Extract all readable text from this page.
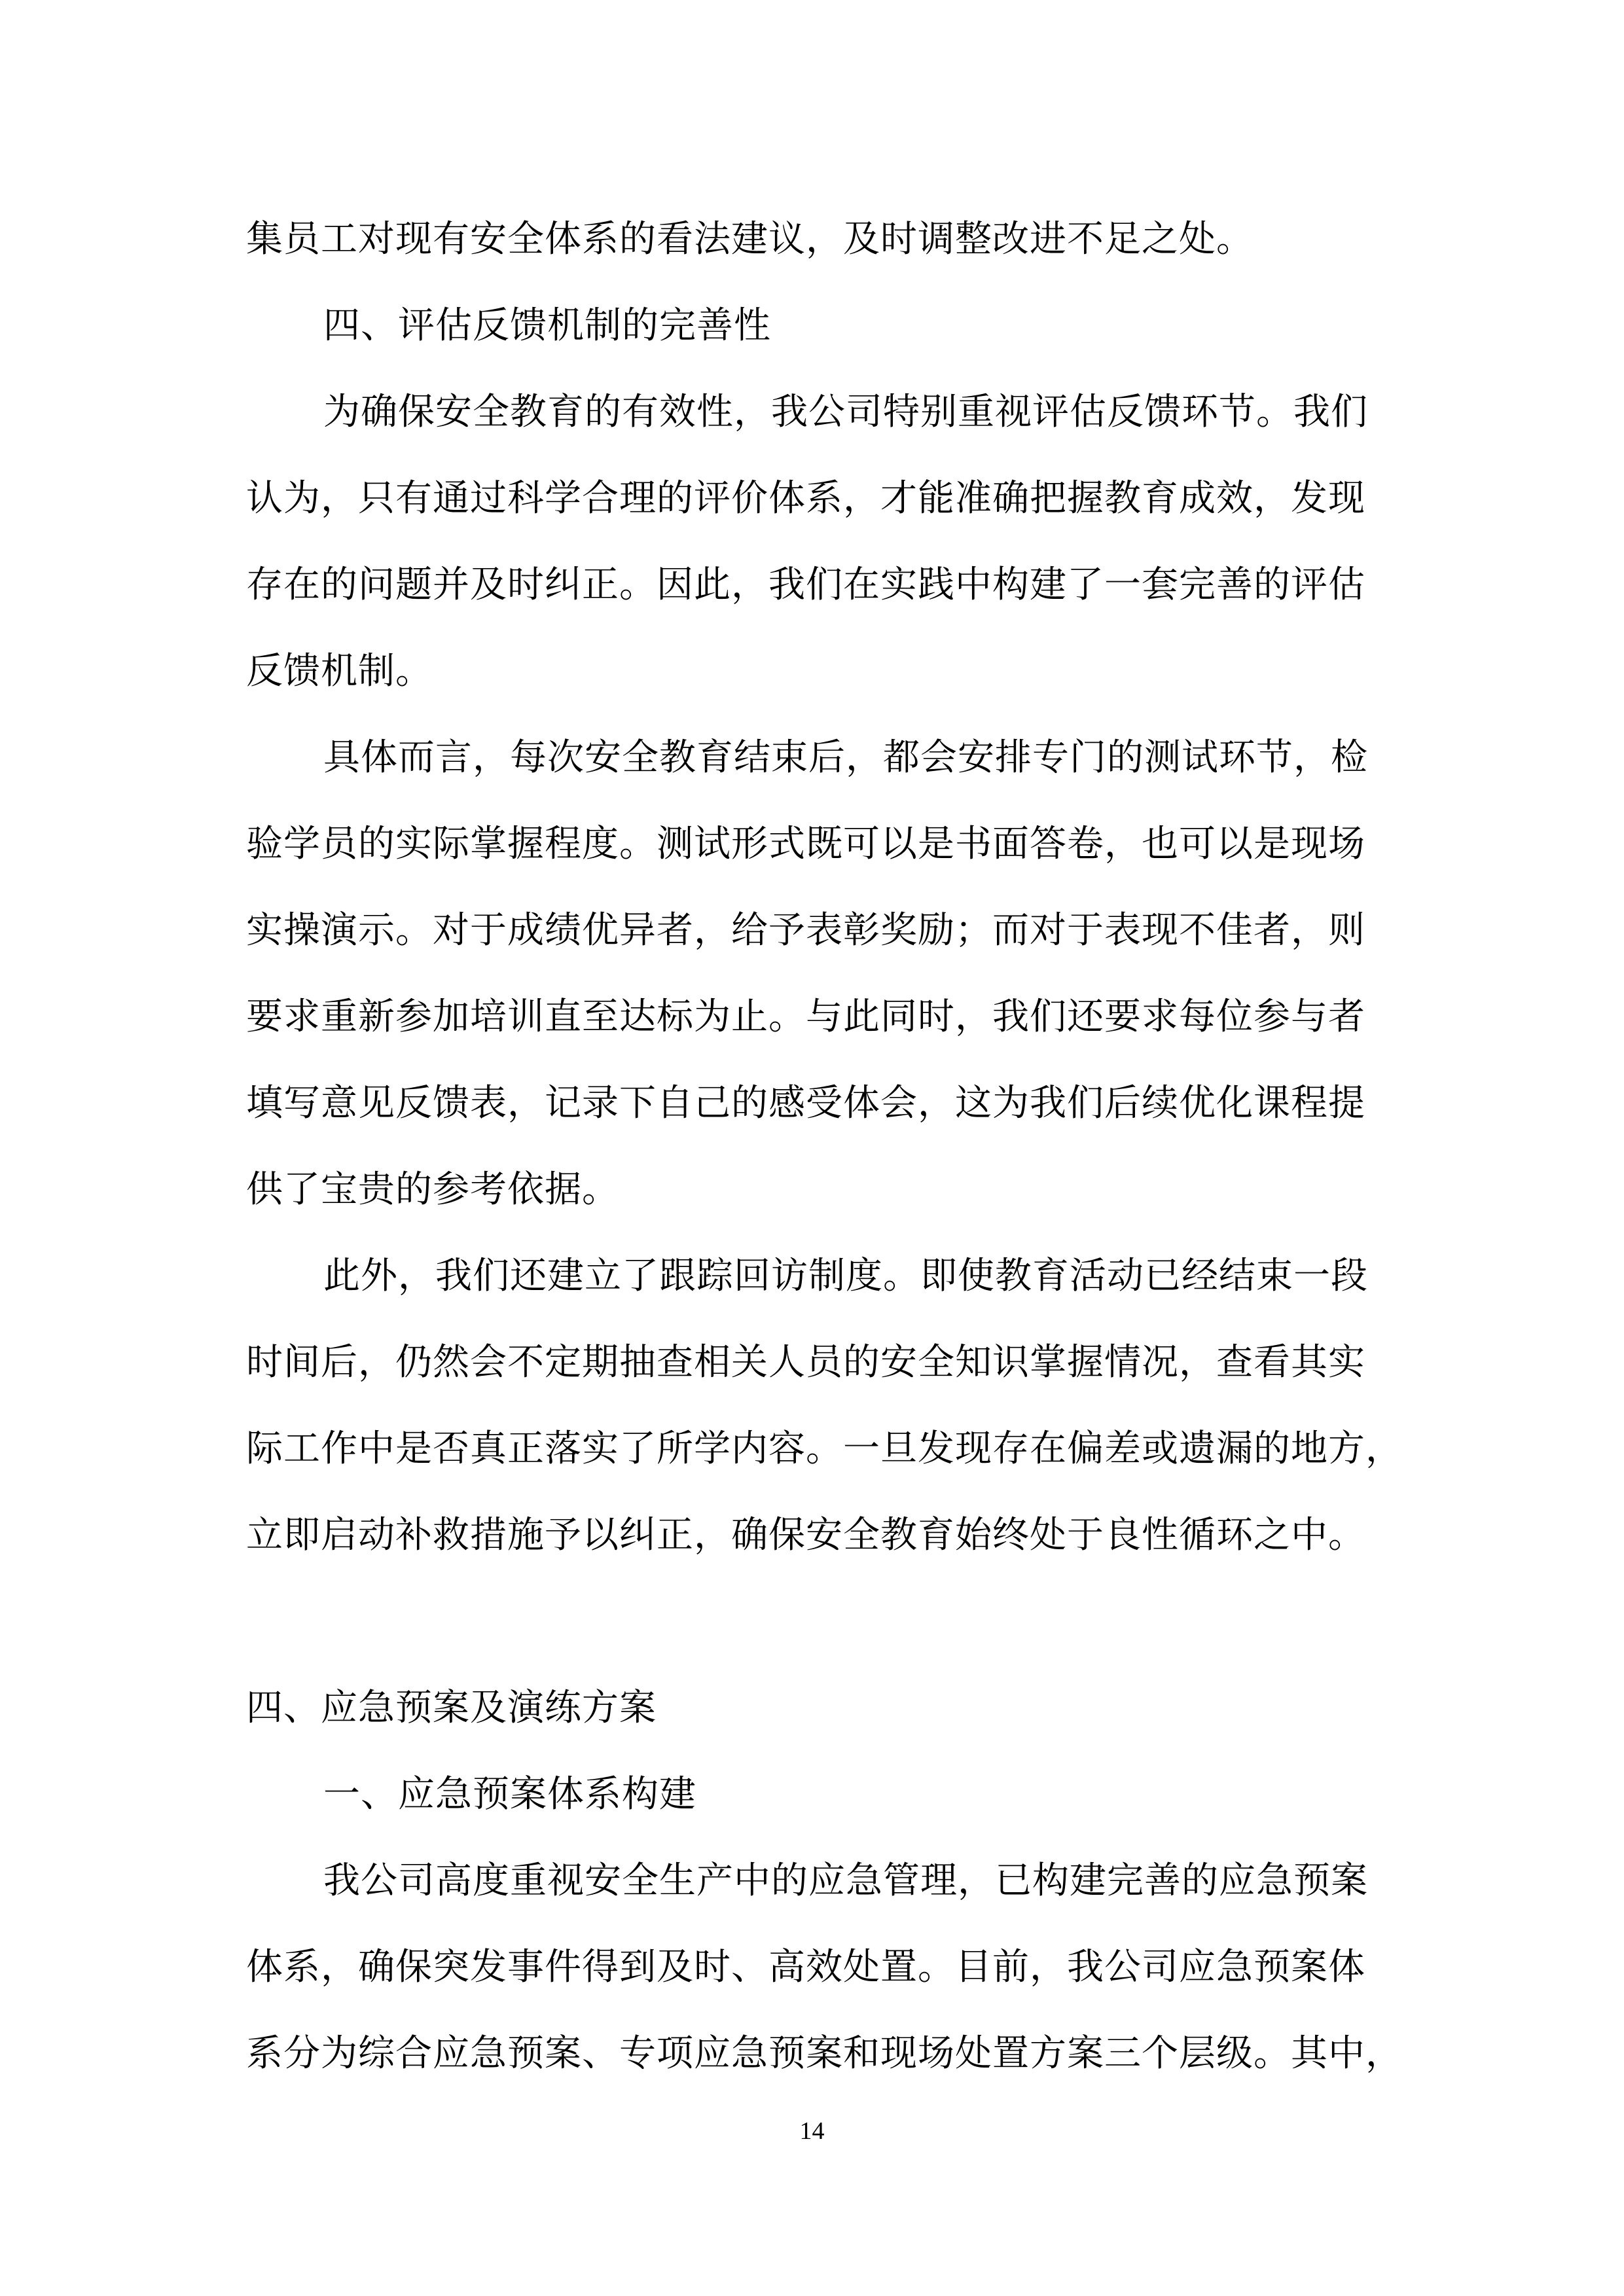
集员工对现有安全体系的看法建议，及时调整改进不足之处。
四、评估反馈机制的完善性
为确保安全教育的有效性，我公司特别重视评估反馈环节。我们
认为，只有通过科学合理的评价体系，才能准确把握教育成效，发现
存在的问题并及时纠正。因此，我们在实践中构建了一套完善的评估
反馈机制。
具体而言，每次安全教育结束后，都会安排专门的测试环节，检
验学员的实际掌握程度。测试形式既可以是书面答卷，也可以是现场
实操演示。对于成绩优异者，给予表彰奖励；而对于表现不佳者，则
要求重新参加培训直至达标为止。与此同时，我们还要求每位参与者
填写意见反馈表，记录下自己的感受体会，这为我们后续优化课程提
供了宝贵的参考依据。
此外，我们还建立了跟踪回访制度。即使教育活动已经结束一段
时间后，仍然会不定期抽查相关人员的安全知识掌握情况，查看其实
际工作中是否真正落实了所学内容。一旦发现存在偏差或遗漏的地方，
立即启动补救措施予以纠正，确保安全教育始终处于良性循环之中。
四、应急预案及演练方案
一、应急预案体系构建
我公司高度重视安全生产中的应急管理，已构建完善的应急预案
体系，确保突发事件得到及时、高效处置。目前，我公司应急预案体
系分为综合应急预案、专项应急预案和现场处置方案三个层级。其中，
14
